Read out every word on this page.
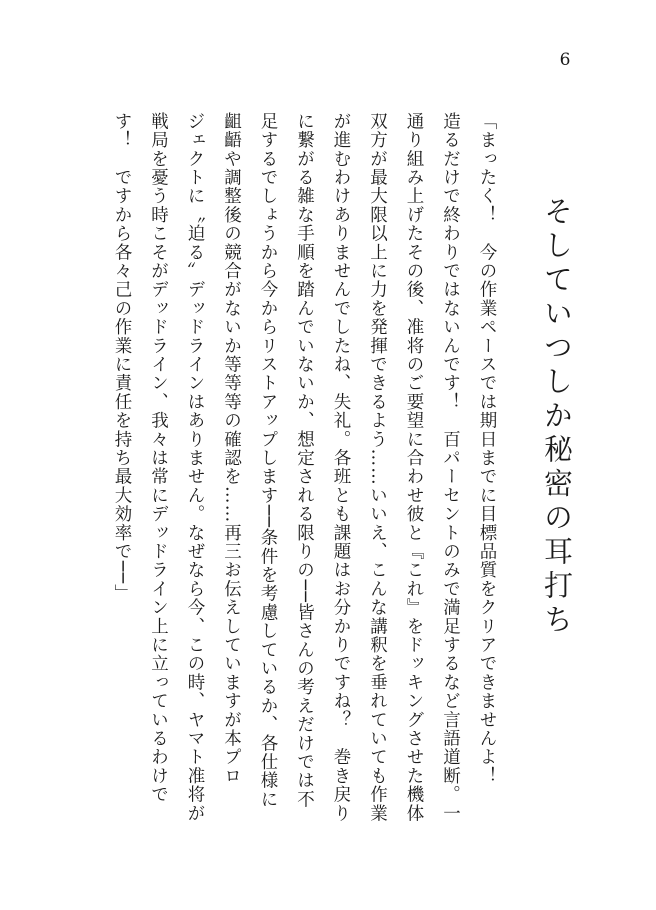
6
そしていつしか秘密の耳打ち

「まったく！　今の作業ペースでは期日までに目標品質をクリアできませんよ！
造るだけで終わりではないんです！　百パーセントのみで満足するなど言語道断。一
通り組み上げたその後、准将のご要望に合わせ彼と『これ』をドッキングさせた機体
双方が最大限以上に力を発揮できるよう……いいえ、こんな講釈を垂れていても作業
が進むわけありませんでしたね、失礼。各班とも課題はお分かりですね？　巻き戻り
に繋がる雑な手順を踏んでいないか、想定される限りの──皆さんの考えだけでは不
足するでしょうから今からリストアップします──条件を考慮しているか、各仕様に
齟齬や調整後の競合がないか等等等の確認を……再三お伝えしていますが本プロ
ジェクトに〝迫る〟デッドラインはありません。なぜなら今、この時、ヤマト准将が
戦局を憂う時こそがデッドライン、我々は常にデッドライン上に立っているわけで
す！　ですから各々己の作業に責任を持ち最大効率で──」
